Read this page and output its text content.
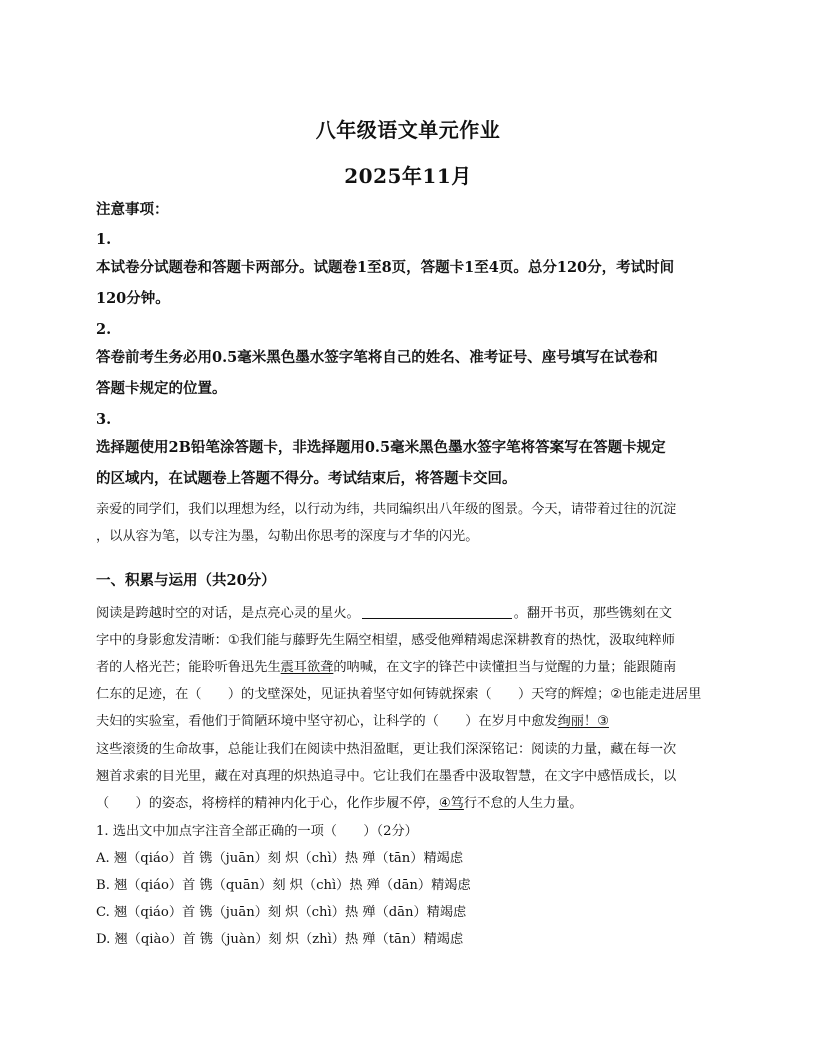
八年级语文单元作业
2025年11月
注意事项：
1.
本试卷分试题卷和答题卡两部分。试题卷1至8页，答题卡1至4页。总分120分，考试时间
120分钟。
2.
答卷前考生务必用0.5毫米黑色墨水签字笔将自己的姓名、准考证号、座号填写在试卷和
答题卡规定的位置。
3.
选择题使用2B铅笔涂答题卡，非选择题用0.5毫米黑色墨水签字笔将答案写在答题卡规定
的区域内，在试题卷上答题不得分。考试结束后，将答题卡交回。
亲爱的同学们，我们以理想为经，以行动为纬，共同编织出八年级的图景。今天，请带着过往的沉淀
，以从容为笔，以专注为墨，勾勒出你思考的深度与才华的闪光。
一、积累与运用（共20分）
阅读是跨越时空的对话，是点亮心灵的星火。	。翻开书页，那些镌刻在文
字中的身影愈发清晰：①我们能与藤野先生隔空相望，感受他殚精竭虑深耕教育的热忱，汲取纯粹师
者的人格光芒；能聆听鲁迅先生震耳欲聋的呐喊，在文字的锋芒中读懂担当与觉醒的力量；能跟随南
仁东的足迹，在（　　）的戈壁深处，见证执着坚守如何铸就探索（　　）天穹的辉煌；②也能走进居里
夫妇的实验室，看他们于简陋环境中坚守初心，让科学的（　　）在岁月中愈发绚丽！③
这些滚烫的生命故事，总能让我们在阅读中热泪盈眶，更让我们深深铭记：阅读的力量，藏在每一次
翘首求索的目光里，藏在对真理的炽热追寻中。它让我们在墨香中汲取智慧，在文字中感悟成长，以
（　　）的姿态，将榜样的精神内化于心，化作步履不停，④笃行不怠的人生力量。
1. 选出文中加点字注音全部正确的一项（　　）（2分）
A. 翘（qiáo）首 镌（juān）刻 炽（chì）热 殚（tān）精竭虑
B. 翘（qiáo）首 镌（quān）刻 炽（chì）热 殚（dān）精竭虑
C. 翘（qiáo）首 镌（juān）刻 炽（chì）热 殚（dān）精竭虑
D. 翘（qiào）首 镌（juàn）刻 炽（zhì）热 殚（tān）精竭虑
